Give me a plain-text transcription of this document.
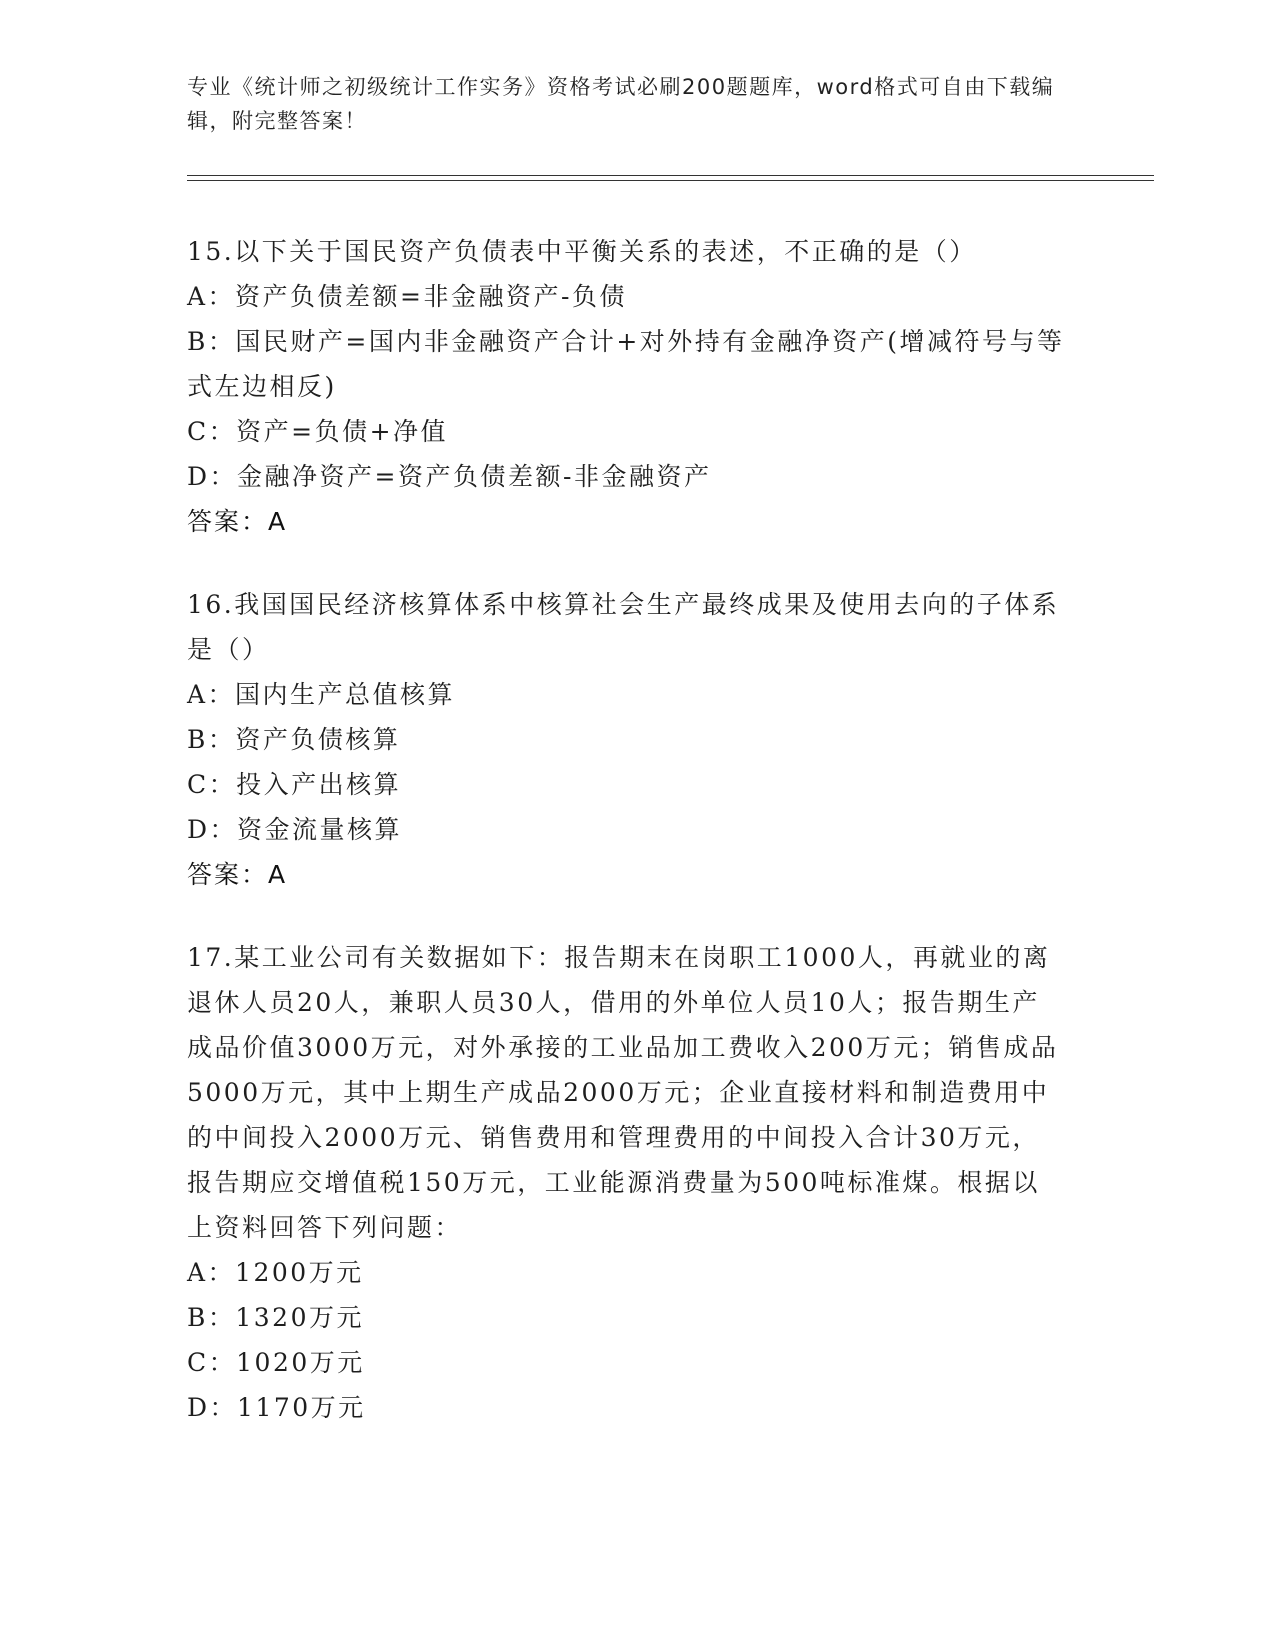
专业《统计师之初级统计工作实务》资格考试必刷200题题库，word格式可自由下载编辑，附完整答案！
15.以下关于国民资产负债表中平衡关系的表述，不正确的是（）
A：资产负债差额=非金融资产-负债
B：国民财产=国内非金融资产合计+对外持有金融净资产(增减符号与等式左边相反)
C：资产=负债+净值
D：金融净资产=资产负债差额-非金融资产
答案：A
16.我国国民经济核算体系中核算社会生产最终成果及使用去向的子体系是（）
A：国内生产总值核算
B：资产负债核算
C：投入产出核算
D：资金流量核算
答案：A
17.某工业公司有关数据如下：报告期末在岗职工1000人，再就业的离退休人员20人，兼职人员30人，借用的外单位人员10人；报告期生产成品价值3000万元，对外承接的工业品加工费收入200万元；销售成品5000万元，其中上期生产成品2000万元；企业直接材料和制造费用中的中间投入2000万元、销售费用和管理费用的中间投入合计30万元，报告期应交增值税150万元，工业能源消费量为500吨标准煤。根据以上资料回答下列问题：
A：1200万元
B：1320万元
C：1020万元
D：1170万元
